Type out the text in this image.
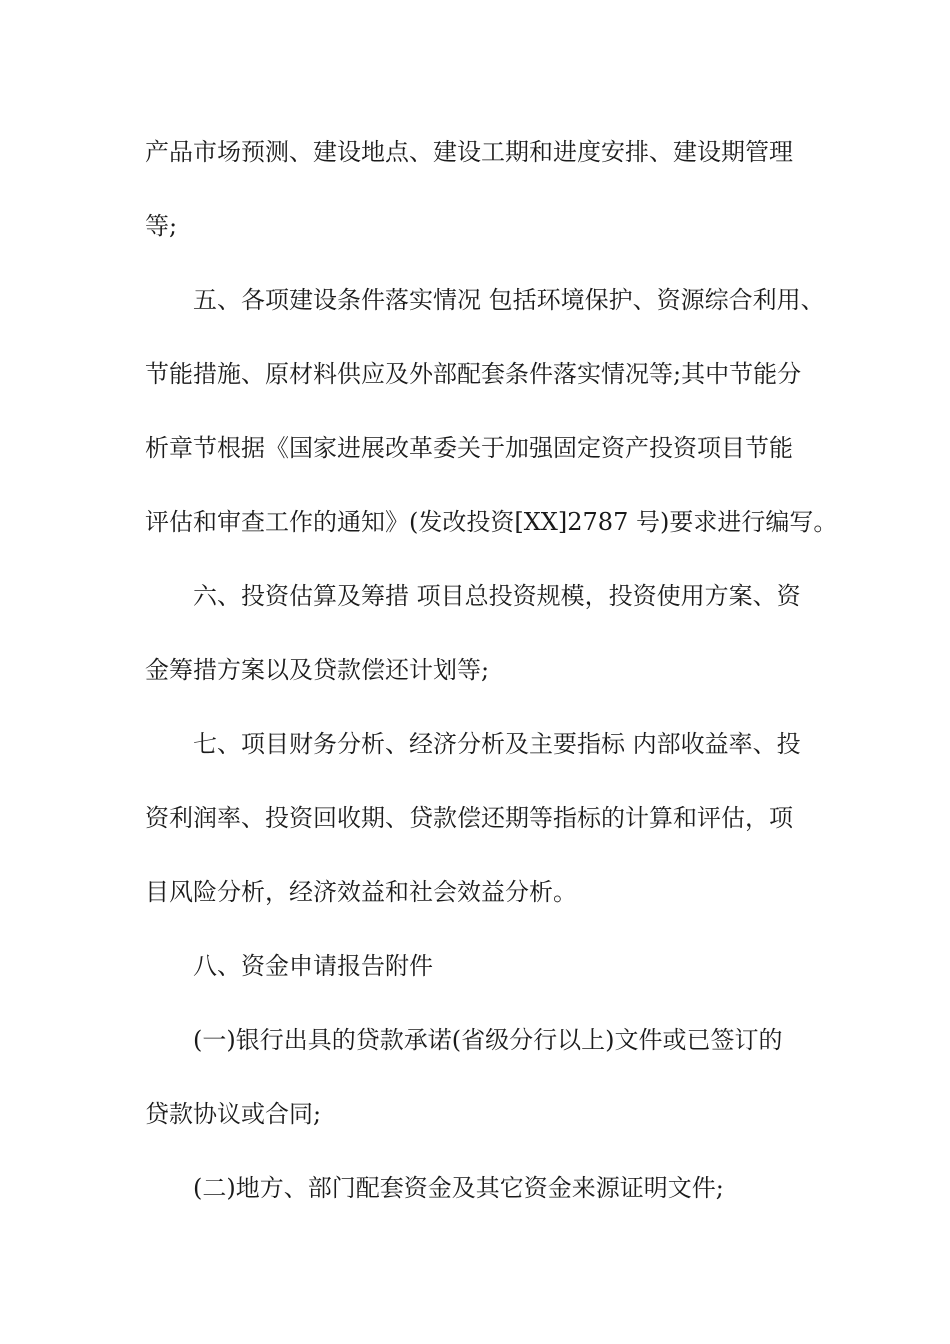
产品市场预测、建设地点、建设工期和进度安排、建设期管理
等;
五、各项建设条件落实情况 包括环境保护、资源综合利用、
节能措施、原材料供应及外部配套条件落实情况等;其中节能分
析章节根据《国家进展改革委关于加强固定资产投资项目节能
评估和审查工作的通知》(发改投资[XX]2787 号)要求进行编写。
六、投资估算及筹措 项目总投资规模，投资使用方案、资
金筹措方案以及贷款偿还计划等;
七、项目财务分析、经济分析及主要指标 内部收益率、投
资利润率、投资回收期、贷款偿还期等指标的计算和评估，项
目风险分析，经济效益和社会效益分析。
八、资金申请报告附件
(一)银行出具的贷款承诺(省级分行以上)文件或已签订的
贷款协议或合同;
(二)地方、部门配套资金及其它资金来源证明文件;
